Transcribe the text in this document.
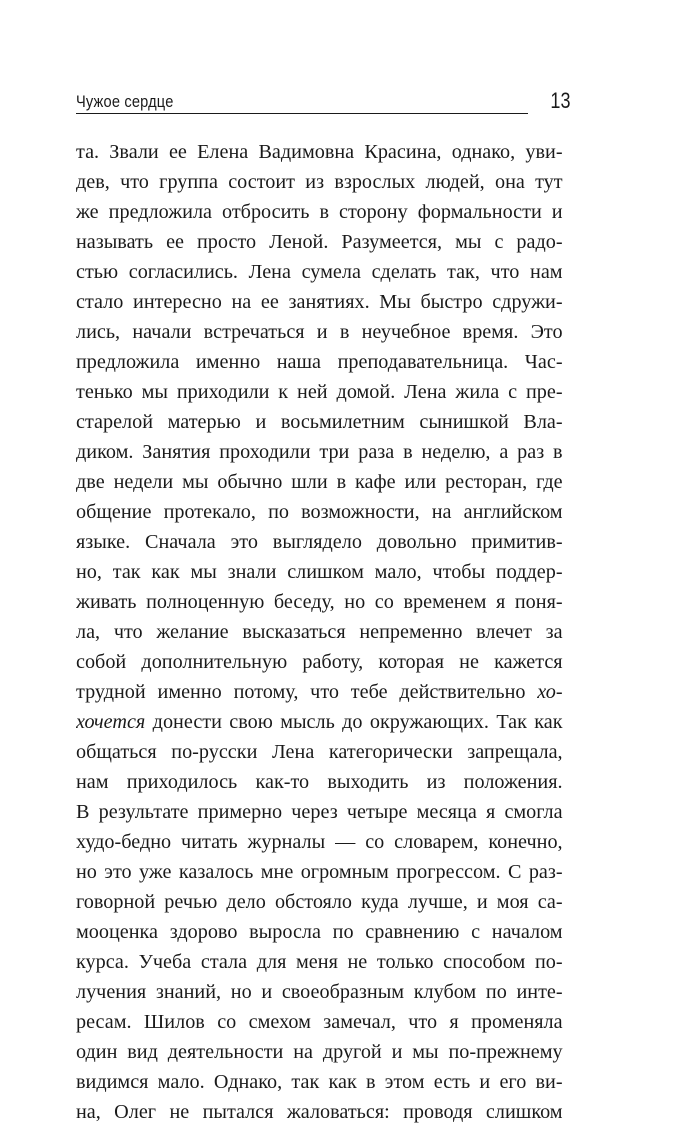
Чужое сердце	13
та. Звали ее Елена Вадимовна Красина, однако, уви-
дев, что группа состоит из взрослых людей, она тут
же предложила отбросить в сторону формальности и
называть ее просто Леной. Разумеется, мы с радо-
стью согласились. Лена сумела сделать так, что нам
стало интересно на ее занятиях. Мы быстро сдружи-
лись, начали встречаться и в неучебное время. Это
предложила именно наша преподавательница. Час-
тенько мы приходили к ней домой. Лена жила с пре-
старелой матерью и восьмилетним сынишкой Вла-
диком. Занятия проходили три раза в неделю, а раз в
две недели мы обычно шли в кафе или ресторан, где
общение протекало, по возможности, на английском
языке. Сначала это выглядело довольно примитив-
но, так как мы знали слишком мало, чтобы поддер-
живать полноценную беседу, но со временем я поня-
ла, что желание высказаться непременно влечет за
собой дополнительную работу, которая не кажется
трудной именно потому, что тебе действительно хо-
хочется донести свою мысль до окружающих. Так как
общаться по-русски Лена категорически запрещала,
нам приходилось как-то выходить из положения.
В результате примерно через четыре месяца я смогла
худо-бедно читать журналы — со словарем, конечно,
но это уже казалось мне огромным прогрессом. С раз-
говорной речью дело обстояло куда лучше, и моя са-
мооценка здорово выросла по сравнению с началом
курса. Учеба стала для меня не только способом по-
лучения знаний, но и своеобразным клубом по инте-
ресам. Шилов со смехом замечал, что я променяла
один вид деятельности на другой и мы по-прежнему
видимся мало. Однако, так как в этом есть и его ви-
на, Олег не пытался жаловаться: проводя слишком
